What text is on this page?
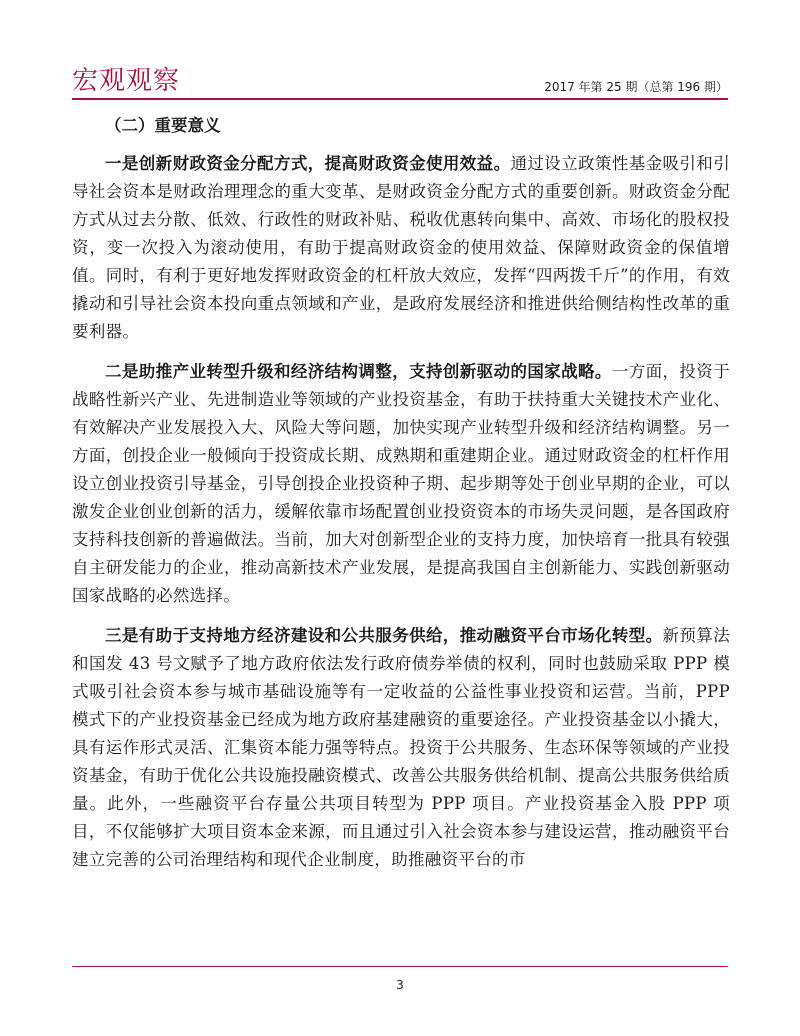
宏观观察	2017 年第 25 期（总第 196 期）
（二）重要意义

一是创新财政资金分配方式，提高财政资金使用效益。通过设立政策性基金吸引和引导社会资本是财政治理理念的重大变革、是财政资金分配方式的重要创新。财政资金分配方式从过去分散、低效、行政性的财政补贴、税收优惠转向集中、高效、市场化的股权投资，变一次投入为滚动使用，有助于提高财政资金的使用效益、保障财政资金的保值增值。同时，有利于更好地发挥财政资金的杠杆放大效应，发挥“四两拨千斤”的作用，有效撬动和引导社会资本投向重点领域和产业，是政府发展经济和推进供给侧结构性改革的重要利器。

二是助推产业转型升级和经济结构调整，支持创新驱动的国家战略。一方面，投资于战略性新兴产业、先进制造业等领域的产业投资基金，有助于扶持重大关键技术产业化、有效解决产业发展投入大、风险大等问题，加快实现产业转型升级和经济结构调整。另一方面，创投企业一般倾向于投资成长期、成熟期和重建期企业。通过财政资金的杠杆作用设立创业投资引导基金，引导创投企业投资种子期、起步期等处于创业早期的企业，可以激发企业创业创新的活力，缓解依靠市场配置创业投资资本的市场失灵问题，是各国政府支持科技创新的普遍做法。当前，加大对创新型企业的支持力度，加快培育一批具有较强自主研发能力的企业，推动高新技术产业发展，是提高我国自主创新能力、实践创新驱动国家战略的必然选择。

三是有助于支持地方经济建设和公共服务供给，推动融资平台市场化转型。新预算法和国发 43 号文赋予了地方政府依法发行政府债券举债的权利，同时也鼓励采取 PPP 模式吸引社会资本参与城市基础设施等有一定收益的公益性事业投资和运营。当前，PPP 模式下的产业投资基金已经成为地方政府基建融资的重要途径。产业投资基金以小撬大，具有运作形式灵活、汇集资本能力强等特点。投资于公共服务、生态环保等领域的产业投资基金，有助于优化公共设施投融资模式、改善公共服务供给机制、提高公共服务供给质量。此外，一些融资平台存量公共项目转型为 PPP 项目。产业投资基金入股 PPP 项目，不仅能够扩大项目资本金来源，而且通过引入社会资本参与建设运营，推动融资平台建立完善的公司治理结构和现代企业制度，助推融资平台的市

3
